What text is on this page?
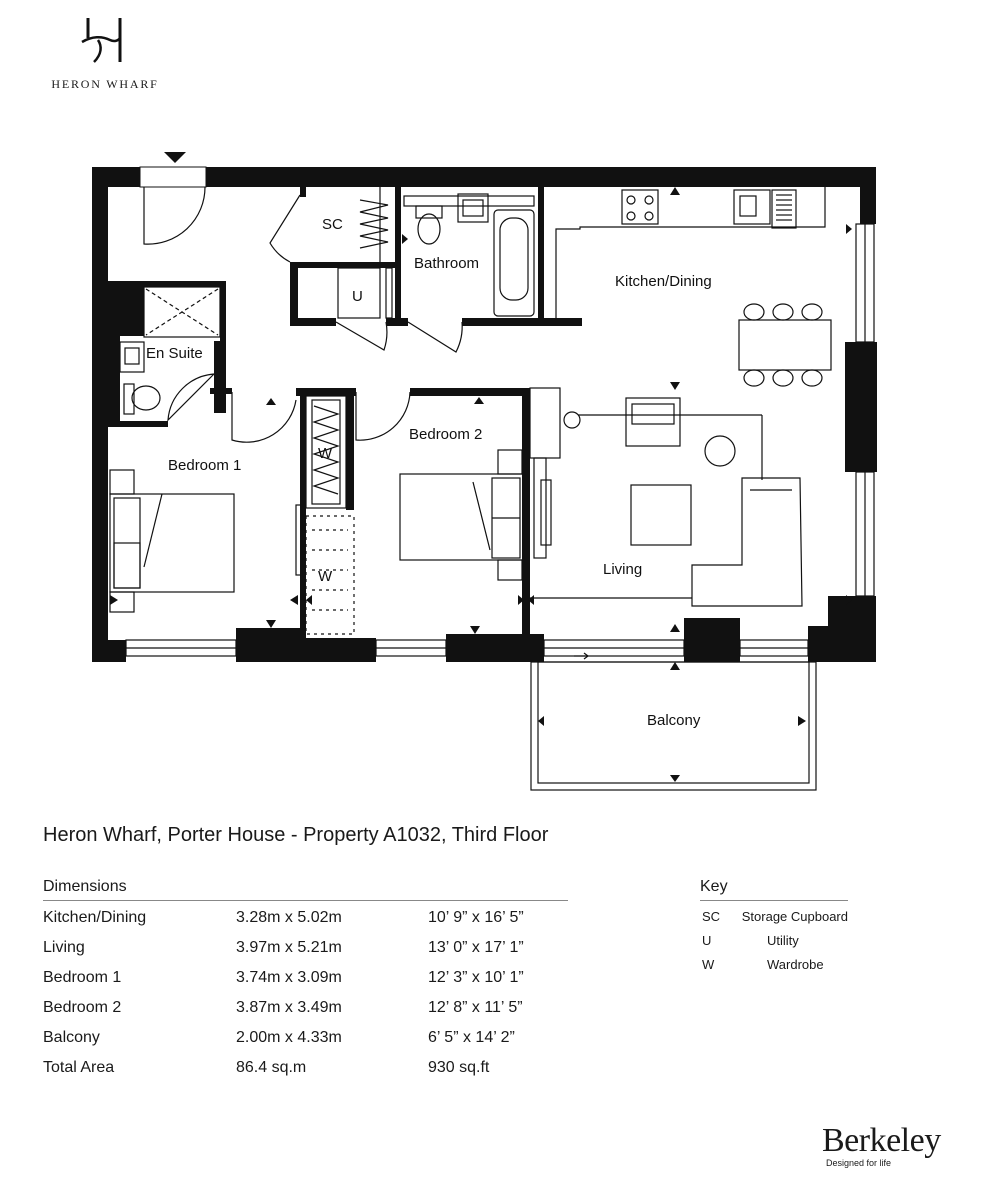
HERON WHARF
SC
Bathroom
Kitchen/Dining
U
En Suite
Bedroom 2
Bedroom 1
W
W	Living
Balcony
Heron Wharf, Porter House - Property A1032, Third Floor
Dimensions
Kitchen/Dining	3.28m x 5.02m	10’ 9” x 16’ 5”
Living	3.97m x 5.21m	13’ 0” x 17’ 1”
Bedroom 1	3.74m x 3.09m	12’ 3” x 10’ 1”
Bedroom 2	3.87m x 3.49m	12’ 8” x 11’ 5”
Balcony	2.00m x 4.33m	6’ 5” x 14’ 2”
Total Area	86.4 sq.m	930 sq.ft
Key
SC	Storage Cupboard
U	Utility
W	Wardrobe
Berkeley
Designed for life
